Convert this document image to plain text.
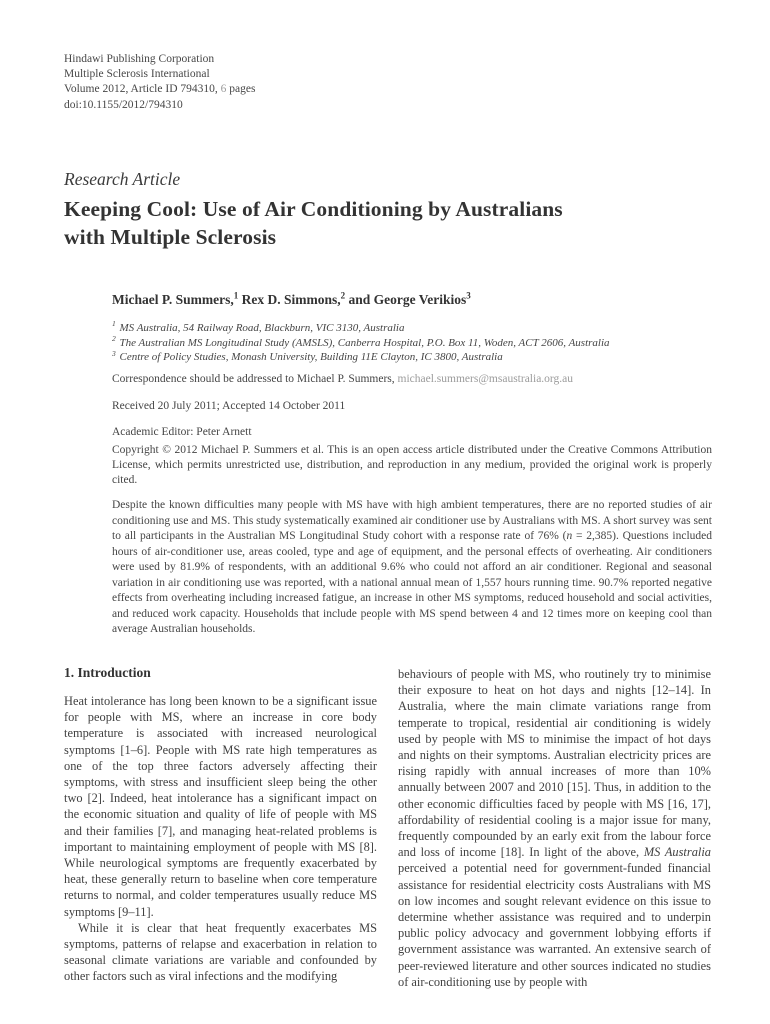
Hindawi Publishing Corporation
Multiple Sclerosis International
Volume 2012, Article ID 794310, 6 pages
doi:10.1155/2012/794310
Research Article
Keeping Cool: Use of Air Conditioning by Australians with Multiple Sclerosis

Michael P. Summers,$^1$ Rex D. Simmons,$^2$ and George Verikios$^3$

$^1$ MS Australia, 54 Railway Road, Blackburn, VIC 3130, Australia

$^2$ The Australian MS Longitudinal Study (AMSLS), Canberra Hospital, P.O. Box 11, Woden, ACT 2606, Australia

$^3$ Centre of Policy Studies, Monash University, Building 11E Clayton, IC 3800, Australia

Correspondence should be addressed to Michael P. Summers, michael.summers@msaustralia.org.au

Received 20 July 2011; Accepted 14 October 2011

Academic Editor: Peter Arnett

Copyright © 2012 Michael P. Summers et al. This is an open access article distributed under the Creative Commons Attribution License, which permits unrestricted use, distribution, and reproduction in any medium, provided the original work is properly cited.

Despite the known difficulties many people with MS have with high ambient temperatures, there are no reported studies of air conditioning use and MS. This study systematically examined air conditioner use by Australians with MS. A short survey was sent to all participants in the Australian MS Longitudinal Study cohort with a response rate of 76% (n = 2,385). Questions included hours of air-conditioner use, areas cooled, type and age of equipment, and the personal effects of overheating. Air conditioners were used by 81.9% of respondents, with an additional 9.6% who could not afford an air conditioner. Regional and seasonal variation in air conditioning use was reported, with a national annual mean of 1,557 hours running time. 90.7% reported negative effects from overheating including increased fatigue, an increase in other MS symptoms, reduced household and social activities, and reduced work capacity. Households that include people with MS spend between 4 and 12 times more on keeping cool than average Australian households.

1. Introduction

Heat intolerance has long been known to be a significant issue for people with MS, where an increase in core body temperature is associated with increased neurological symptoms [1–6]. People with MS rate high temperatures as one of the top three factors adversely affecting their symptoms, with stress and insufficient sleep being the other two [2]. Indeed, heat intolerance has a significant impact on the economic situation and quality of life of people with MS and their families [7], and managing heat-related problems is important to maintaining employment of people with MS [8]. While neurological symptoms are frequently exacerbated by heat, these generally return to baseline when core temperature returns to normal, and colder temperatures usually reduce MS symptoms [9–11].

While it is clear that heat frequently exacerbates MS symptoms, patterns of relapse and exacerbation in relation to seasonal climate variations are variable and confounded by other factors such as viral infections and the modifying

behaviours of people with MS, who routinely try to minimise their exposure to heat on hot days and nights [12–14]. In Australia, where the main climate variations range from temperate to tropical, residential air conditioning is widely used by people with MS to minimise the impact of hot days and nights on their symptoms. Australian electricity prices are rising rapidly with annual increases of more than 10% annually between 2007 and 2010 [15]. Thus, in addition to the other economic difficulties faced by people with MS [16, 17], affordability of residential cooling is a major issue for many, frequently compounded by an early exit from the labour force and loss of income [18]. In light of the above, MS Australia perceived a potential need for government-funded financial assistance for residential electricity costs Australians with MS on low incomes and sought relevant evidence on this issue to determine whether assistance was required and to underpin public policy advocacy and government lobbying efforts if government assistance was warranted. An extensive search of peer-reviewed literature and other sources indicated no studies of air-conditioning use by people with
